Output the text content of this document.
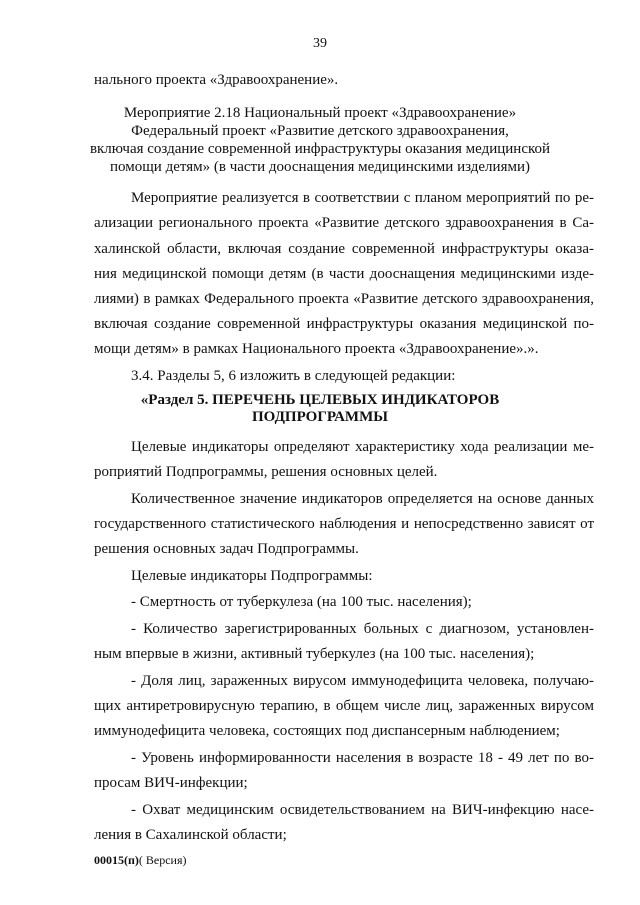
39
нального проекта «Здравоохранение».
Мероприятие 2.18 Национальный проект «Здравоохранение»
Федеральный проект «Развитие детского здравоохранения,
включая создание современной инфраструктуры оказания медицинской
помощи детям» (в части дооснащения медицинскими изделиями)
Мероприятие реализуется в соответствии с планом мероприятий по ре-
ализации регионального проекта «Развитие детского здравоохранения в Са-
халинской области, включая создание современной инфраструктуры оказа-
ния медицинской помощи детям (в части дооснащения медицинскими изде-
лиями) в рамках Федерального проекта «Развитие детского здравоохранения,
включая создание современной инфраструктуры оказания медицинской по-
мощи детям» в рамках Национального проекта «Здравоохранение».».
3.4. Разделы 5, 6 изложить в следующей редакции:
«Раздел 5. ПЕРЕЧЕНЬ ЦЕЛЕВЫХ ИНДИКАТОРОВ
ПОДПРОГРАММЫ
Целевые индикаторы определяют характеристику хода реализации ме-
роприятий Подпрограммы, решения основных целей.
Количественное значение индикаторов определяется на основе данных
государственного статистического наблюдения и непосредственно зависят от
решения основных задач Подпрограммы.
Целевые индикаторы Подпрограммы:
- Смертность от туберкулеза (на 100 тыс. населения);
- Количество зарегистрированных больных с диагнозом, установлен-
ным впервые в жизни, активный туберкулез (на 100 тыс. населения);
- Доля лиц, зараженных вирусом иммунодефицита человека, получаю-
щих антиретровирусную терапию, в общем числе лиц, зараженных вирусом
иммунодефицита человека, состоящих под диспансерным наблюдением;
- Уровень информированности населения в возрасте 18 - 49 лет по во-
просам ВИЧ-инфекции;
- Охват медицинским освидетельствованием на ВИЧ-инфекцию насе-
ления в Сахалинской области;
00015(п)( Версия)
